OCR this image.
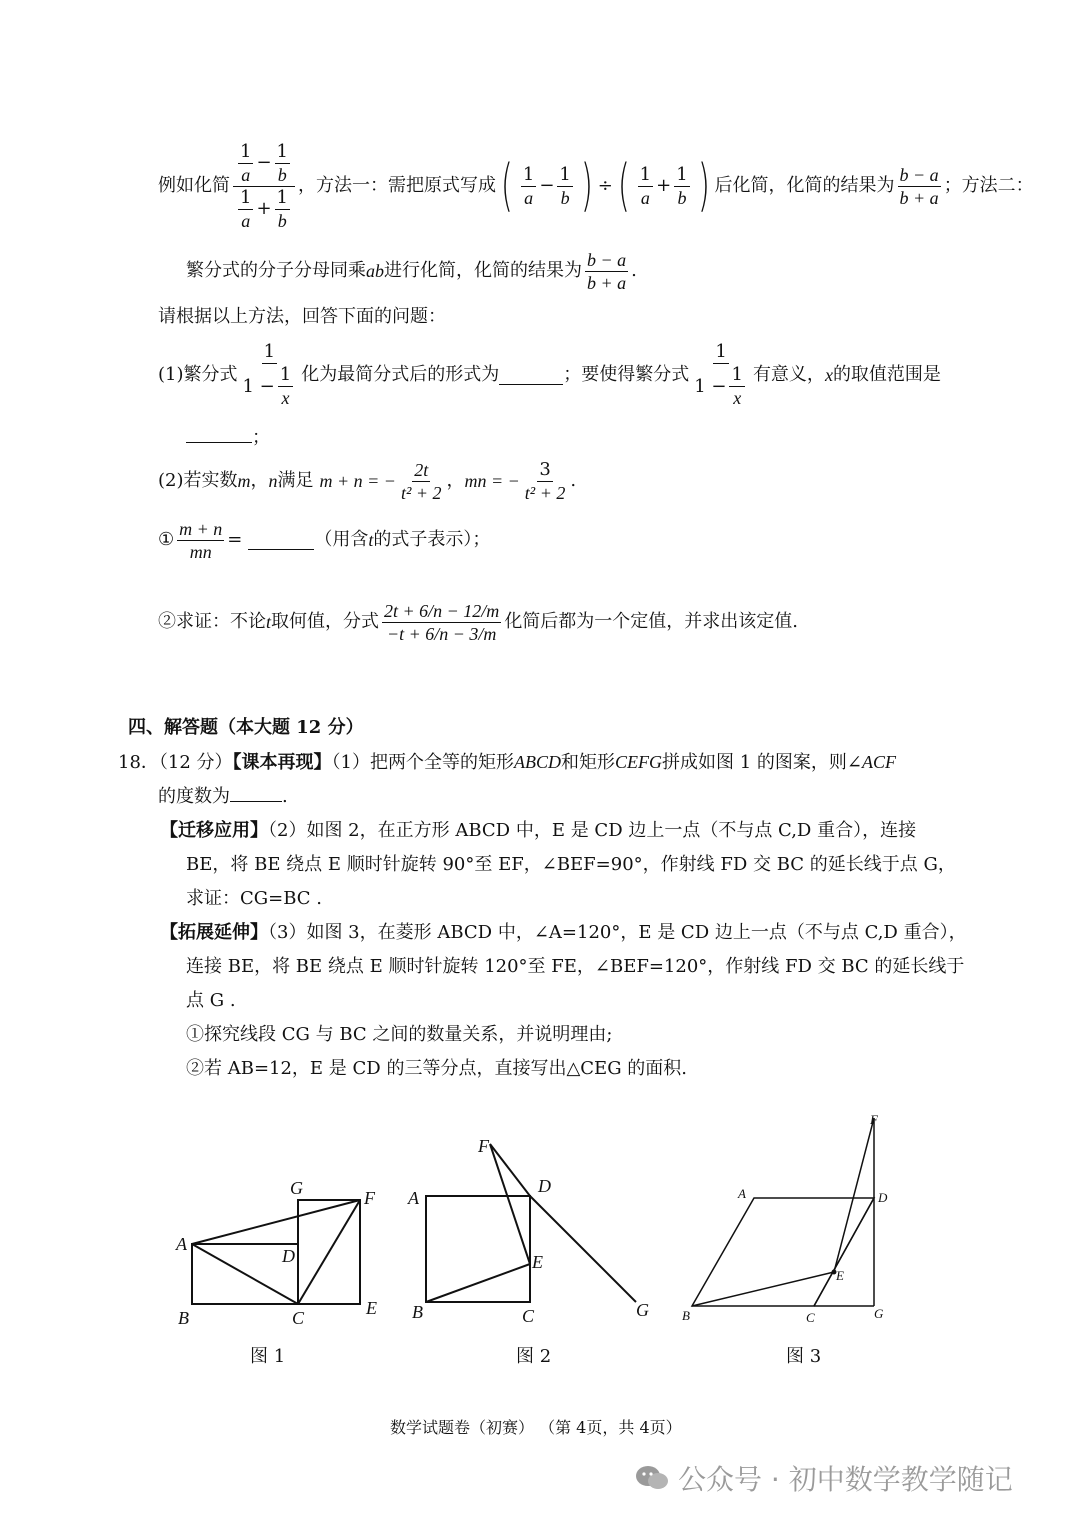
例如化简 $\frac{\frac{1}{a} - \frac{1}{b}}{\frac{1}{a} + \frac{1}{b}}$ ，方法一：需把原式写成 ( $\frac{1}{a} - \frac{1}{b}$ ) ÷ ( $\frac{1}{a} + \frac{1}{b}$ ) 后化简，化简的结果为 $\frac{b - a}{b + a}$ ；方法二：
繁分式的分子分母同乘 ab 进行化简，化简的结果为 $\frac{b - a}{b + a}$ .
请根据以上方法，回答下面的问题：
(1)繁分式 $\frac{1}{1 - \frac{1}{x}}$ 化为最简分式后的形式为	；要使得繁分式 $\frac{1}{1 - \frac{1}{x}}$ 有意义， x 的取值范围是
；
(2)若实数 m ， n 满足 m + n = − $\frac{2t}{\text{t² + 2}}$ ， mn = − $\frac{3}{\text{t² + 2}}$ .
① $\frac{m + n}{mn}$ =	（用含 t 的式子表示）；
②求证：不论 t 取何值，分式 $\frac{2t + 6/n - 12/m}{-t + 6/n - 3/m}$ 化简后都为一个定值，并求出该定值.
四、解答题（本大题 12 分）
18．（12 分）【课本再现】（1）把两个全等的矩形ABCD和矩形CEFG拼成如图 1 的图案，则∠ACF
的度数为	.
【迁移应用】（2）如图 2，在正方形 ABCD 中，E 是 CD 边上一点（不与点 C,D 重合），连接
BE，将 BE 绕点 E 顺时针旋转 90°至 EF，∠BEF=90°，作射线 FD 交 BC 的延长线于点 G，
求证：CG=BC .
【拓展延伸】（3）如图 3，在菱形 ABCD 中，∠A=120°，E 是 CD 边上一点（不与点 C,D 重合），
连接 BE，将 BE 绕点 E 顺时针旋转 120°至 FE，∠BEF=120°，作射线 FD 交 BC 的延长线于
点 G .
①探究线段 CG 与 BC 之间的数量关系，并说明理由;
②若 AB=12，E 是 CD 的三等分点，直接写出△CEG 的面积.
A
B	C
D
E
F
G
图 1
A
B	C
D
E
F
G
图 2
A
B	C
D
E
F
G
图 3
数学试题卷（初赛） （第 4页，共 4页）
公众号 · 初中数学教学随记
